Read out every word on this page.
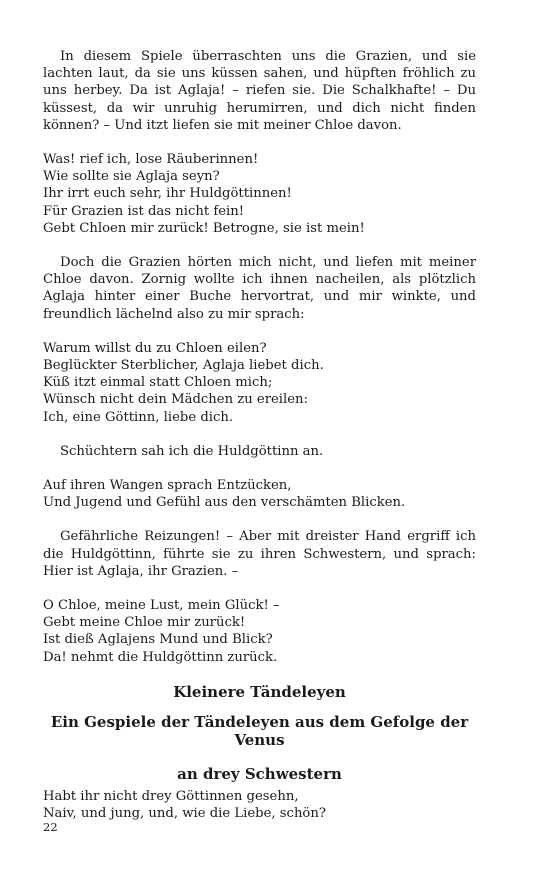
In diesem Spiele überraschten uns die Grazien, und sie lachten laut, da sie uns küssen sahen, und hüpften fröhlich zu uns herbey. Da ist Aglaja! – riefen sie. Die Schalkhafte! – Du küssest, da wir unruhig herumirren, und dich nicht finden können? – Und itzt liefen sie mit meiner Chloe davon.

Was! rief ich, lose Räuberinnen!
Wie sollte sie Aglaja seyn?
Ihr irrt euch sehr, ihr Huldgöttinnen!
Für Grazien ist das nicht fein!
Gebt Chloen mir zurück! Betrogne, sie ist mein!

Doch die Grazien hörten mich nicht, und liefen mit meiner Chloe davon. Zornig wollte ich ihnen nacheilen, als plötzlich Aglaja hinter einer Buche hervortrat, und mir winkte, und freundlich lächelnd also zu mir sprach:

Warum willst du zu Chloen eilen?
Beglückter Sterblicher, Aglaja liebet dich.
Küß itzt einmal statt Chloen mich;
Wünsch nicht dein Mädchen zu ereilen:
Ich, eine Göttinn, liebe dich.

Schüchtern sah ich die Huldgöttinn an.

Auf ihren Wangen sprach Entzücken,
Und Jugend und Gefühl aus den verschämten Blicken.

Gefährliche Reizungen! – Aber mit dreister Hand ergriff ich die Huldgöttinn, führte sie zu ihren Schwestern, und sprach: Hier ist Aglaja, ihr Grazien. –

O Chloe, meine Lust, mein Glück! –
Gebt meine Chloe mir zurück!
Ist dieß Aglajens Mund und Blick?
Da! nehmt die Huldgöttinn zurück.
Kleinere Tändeleyen
Ein Gespiele der Tändeleyen aus dem Gefolge der Venus
an drey Schwestern
Habt ihr nicht drey Göttinnen gesehn,
Naiv, und jung, und, wie die Liebe, schön?
22
